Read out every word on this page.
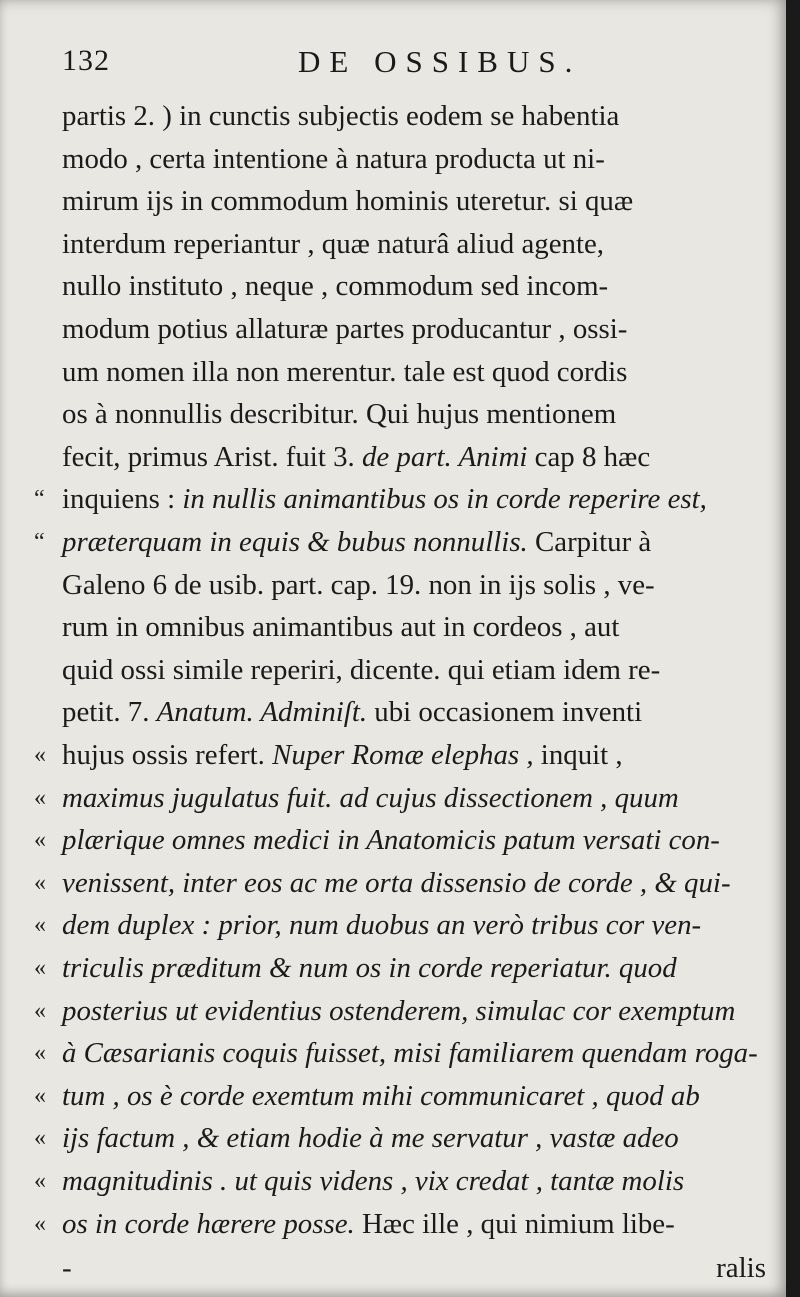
132	DE OSSIBUS.
partis 2. ) in cunctis subjectis eodem se habentia
modo , certa intentione à natura producta ut ni-
mirum ijs in commodum hominis uteretur. si quæ
interdum reperiantur , quæ naturâ aliud agente,
nullo instituto , neque , commodum sed incom-
modum potius allaturæ partes producantur , ossi-
um nomen illa non merentur. tale est quod cordis
os à nonnullis describitur. Qui hujus mentionem
fecit, primus Arist. fuit 3. de part. Animi cap 8 hæc
“ inquiens : in nullis animantibus os in corde reperire est,
“ præterquam in equis & bubus nonnullis. Carpitur à
Galeno 6 de usib. part. cap. 19. non in ijs solis , ve-
rum in omnibus animantibus aut in cordeos , aut
quid ossi simile reperiri, dicente. qui etiam idem re-
petit. 7. Anatum. Adminiſt. ubi occasionem inventi
« hujus ossis refert. Nuper Romæ elephas , inquit ,
« maximus jugulatus fuit. ad cujus dissectionem , quum
« plærique omnes medici in Anatomicis patum versati con-
« venissent, inter eos ac me orta dissensio de corde , & qui-
« dem duplex : prior, num duobus an verò tribus cor ven-
« triculis præditum & num os in corde reperiatur. quod
« posterius ut evidentius ostenderem, simulac cor exemptum
« à Cæsarianis coquis fuisset, misi familiarem quendam roga-
« tum , os è corde exemtum mihi communicaret , quod ab
« ijs factum , & etiam hodie à me servatur , vastæ adeo
« magnitudinis . ut quis videns , vix credat , tantæ molis
« os in corde hærere posse. Hæc ille , qui nimium libe-
-	ralis
